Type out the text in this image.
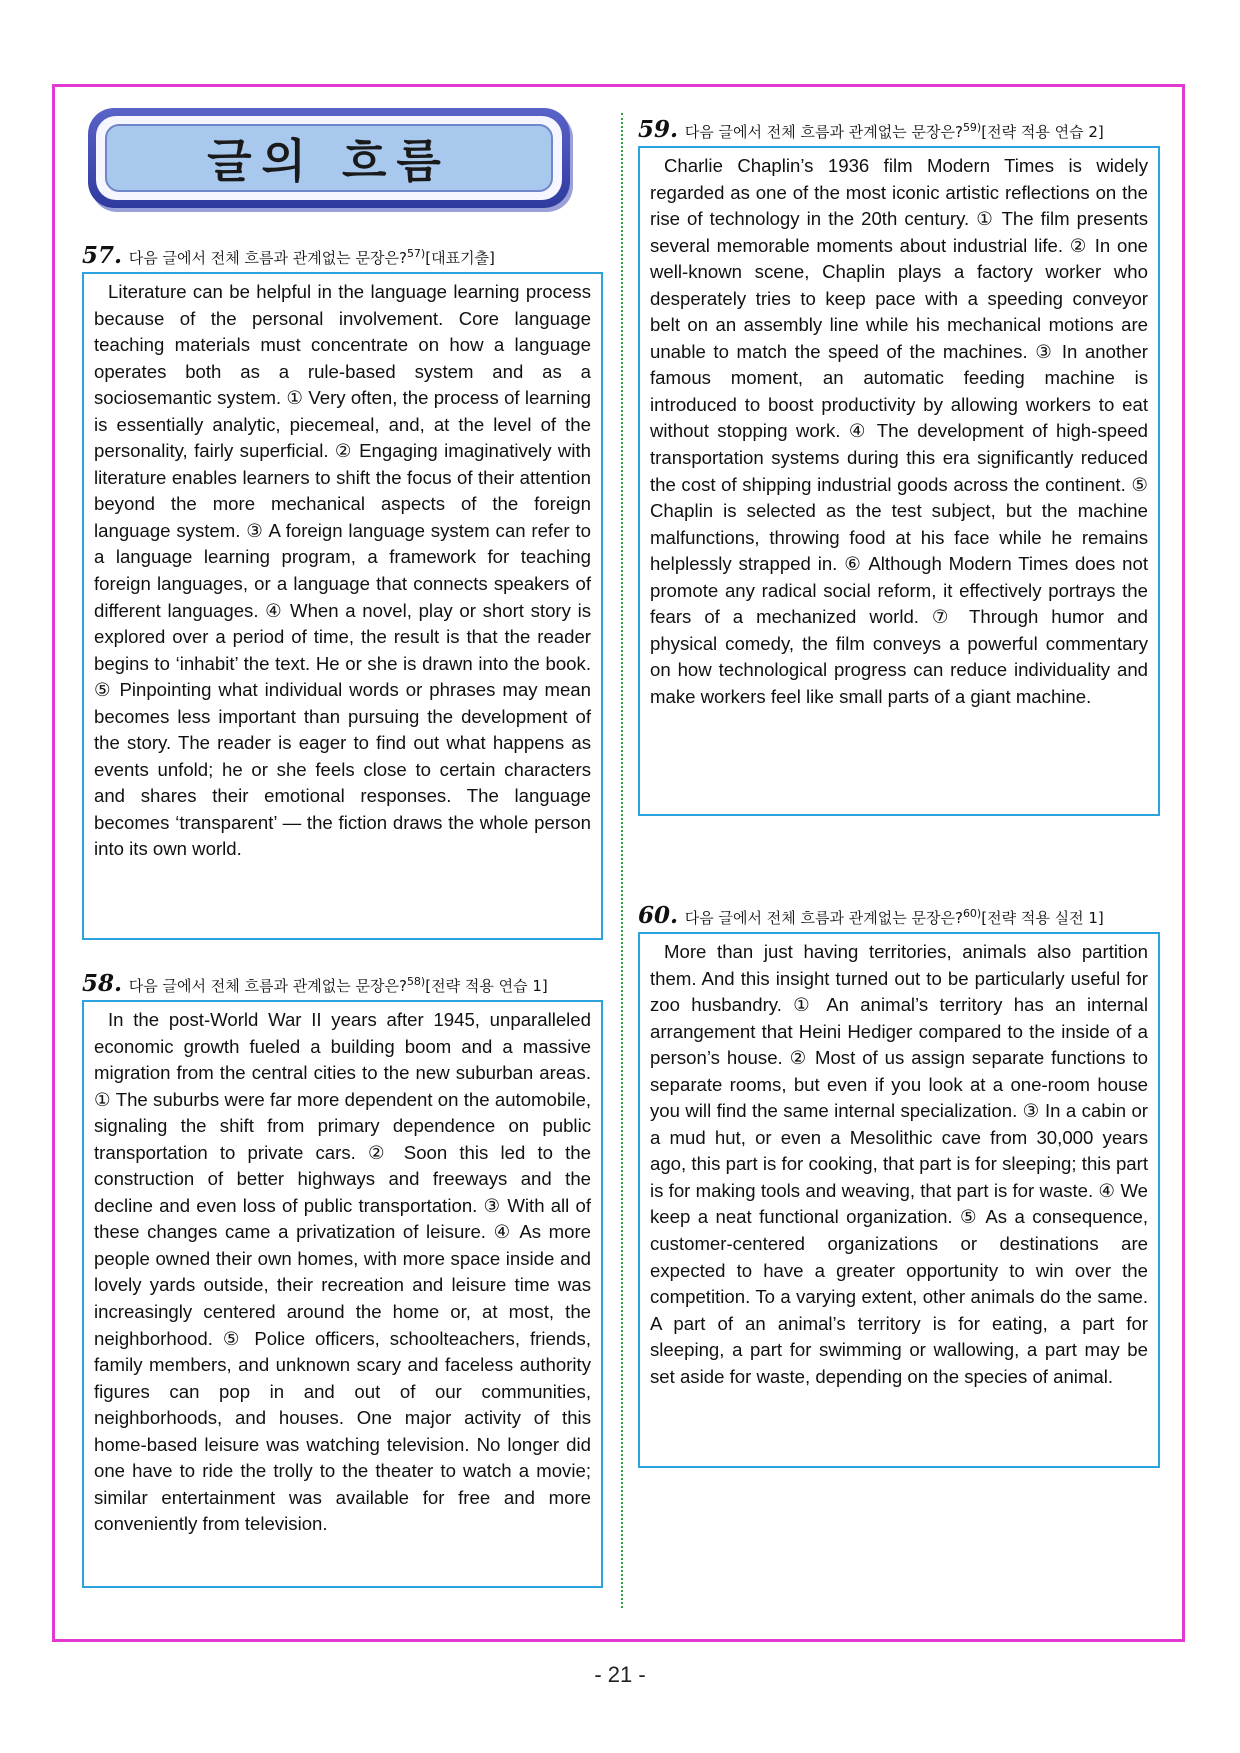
글의 흐름
57. 다음 글에서 전체 흐름과 관계없는 문장은?$^{57)}$[대표기출]

Literature can be helpful in the language learning process because of the personal involvement. Core language teaching materials must concentrate on how a language operates both as a rule-based system and as a sociosemantic system. ① Very often, the process of learning is essentially analytic, piecemeal, and, at the level of the personality, fairly superficial. ② Engaging imaginatively with literature enables learners to shift the focus of their attention beyond the more mechanical aspects of the foreign language system. ③ A foreign language system can refer to a language learning program, a framework for teaching foreign languages, or a language that connects speakers of different languages. ④ When a novel, play or short story is explored over a period of time, the result is that the reader begins to ‘inhabit’ the text. He or she is drawn into the book. ⑤ Pinpointing what individual words or phrases may mean becomes less important than pursuing the development of the story. The reader is eager to find out what happens as events unfold; he or she feels close to certain characters and shares their emotional responses. The language becomes ‘transparent’ — the fiction draws the whole person into its own world.

58. 다음 글에서 전체 흐름과 관계없는 문장은?$^{58)}$[전략 적용 연습 1]

In the post-World War II years after 1945, unparalleled economic growth fueled a building boom and a massive migration from the central cities to the new suburban areas. ① The suburbs were far more dependent on the automobile, signaling the shift from primary dependence on public transportation to private cars. ② Soon this led to the construction of better highways and freeways and the decline and even loss of public transportation. ③ With all of these changes came a privatization of leisure. ④ As more people owned their own homes, with more space inside and lovely yards outside, their recreation and leisure time was increasingly centered around the home or, at most, the neighborhood. ⑤ Police officers, schoolteachers, friends, family members, and unknown scary and faceless authority figures can pop in and out of our communities, neighborhoods, and houses. One major activity of this home-based leisure was watching television. No longer did one have to ride the trolly to the theater to watch a movie; similar entertainment was available for free and more conveniently from television.

59. 다음 글에서 전체 흐름과 관계없는 문장은?$^{59)}$[전략 적용 연습 2]

Charlie Chaplin’s 1936 film Modern Times is widely regarded as one of the most iconic artistic reflections on the rise of technology in the 20th century. ① The film presents several memorable moments about industrial life. ② In one well-known scene, Chaplin plays a factory worker who desperately tries to keep pace with a speeding conveyor belt on an assembly line while his mechanical motions are unable to match the speed of the machines. ③ In another famous moment, an automatic feeding machine is introduced to boost productivity by allowing workers to eat without stopping work. ④ The development of high-speed transportation systems during this era significantly reduced the cost of shipping industrial goods across the continent. ⑤ Chaplin is selected as the test subject, but the machine malfunctions, throwing food at his face while he remains helplessly strapped in. ⑥ Although Modern Times does not promote any radical social reform, it effectively portrays the fears of a mechanized world. ⑦ Through humor and physical comedy, the film conveys a powerful commentary on how technological progress can reduce individuality and make workers feel like small parts of a giant machine.

60. 다음 글에서 전체 흐름과 관계없는 문장은?$^{60)}$[전략 적용 실전 1]

More than just having territories, animals also partition them. And this insight turned out to be particularly useful for zoo husbandry. ① An animal’s territory has an internal arrangement that Heini Hediger compared to the inside of a person’s house. ② Most of us assign separate functions to separate rooms, but even if you look at a one-room house you will find the same internal specialization. ③ In a cabin or a mud hut, or even a Mesolithic cave from 30,000 years ago, this part is for cooking, that part is for sleeping; this part is for making tools and weaving, that part is for waste. ④ We keep a neat functional organization. ⑤ As a consequence, customer-centered organizations or destinations are expected to have a greater opportunity to win over the competition. To a varying extent, other animals do the same. A part of an animal’s territory is for eating, a part for sleeping, a part for swimming or wallowing, a part may be set aside for waste, depending on the species of animal.

- 21 -
